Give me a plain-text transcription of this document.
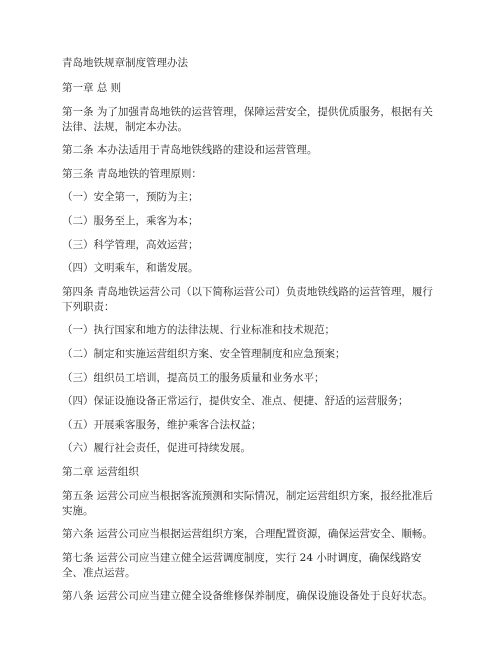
青岛地铁规章制度管理办法

第一章 总 则

第一条 为了加强青岛地铁的运营管理，保障运营安全，提供优质服务，根据有关法律、法规，制定本办法。

第二条 本办法适用于青岛地铁线路的建设和运营管理。

第三条 青岛地铁的管理原则：

（一）安全第一，预防为主；

（二）服务至上，乘客为本；

（三）科学管理，高效运营；

（四）文明乘车，和谐发展。

第四条 青岛地铁运营公司（以下简称运营公司）负责地铁线路的运营管理，履行下列职责：

（一）执行国家和地方的法律法规、行业标准和技术规范；

（二）制定和实施运营组织方案、安全管理制度和应急预案；

（三）组织员工培训，提高员工的服务质量和业务水平；

（四）保证设施设备正常运行，提供安全、准点、便捷、舒适的运营服务；

（五）开展乘客服务，维护乘客合法权益；

（六）履行社会责任，促进可持续发展。

第二章 运营组织

第五条 运营公司应当根据客流预测和实际情况，制定运营组织方案，报经批准后实施。

第六条 运营公司应当根据运营组织方案，合理配置资源，确保运营安全、顺畅。

第七条 运营公司应当建立健全运营调度制度，实行 24 小时调度，确保线路安全、准点运营。

第八条 运营公司应当建立健全设备维修保养制度，确保设施设备处于良好状态。
